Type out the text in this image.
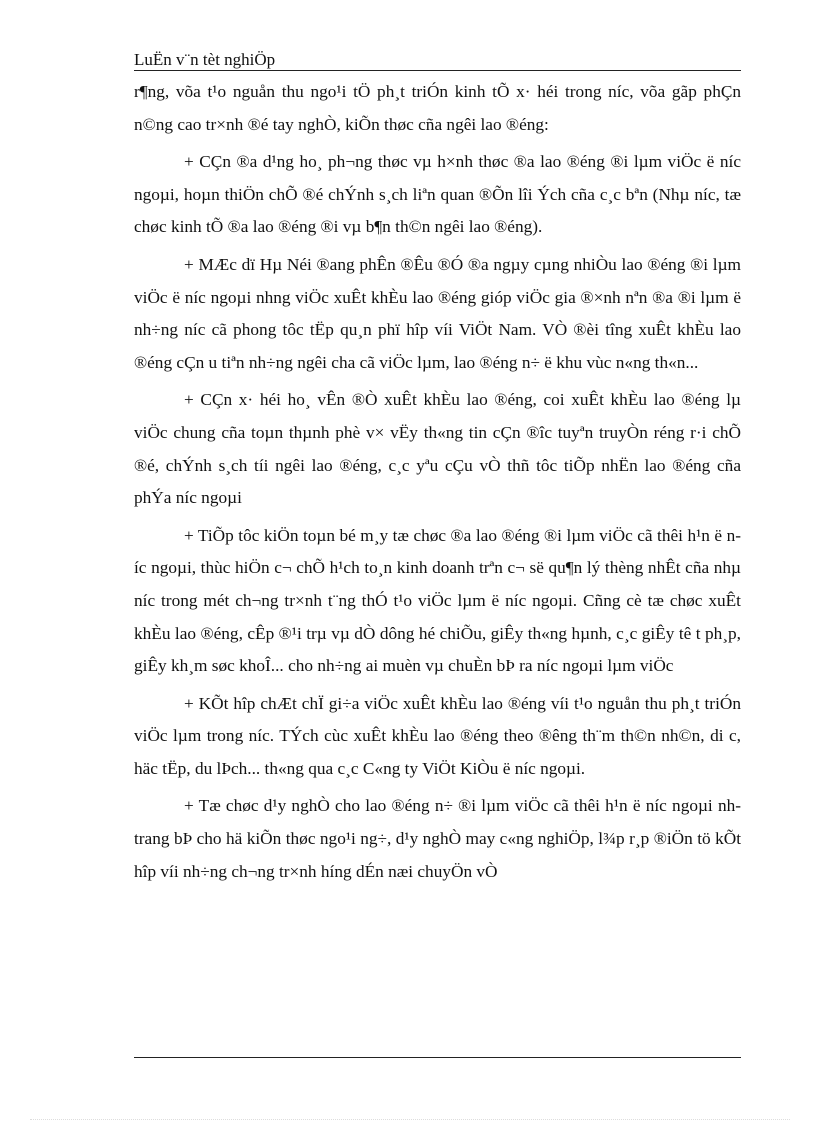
LuËn v¨n tèt nghiÖp

r¶ng, võa t¹o nguån thu ngo¹i tÖ ph¸t triÓn kinh tÕ x· héi trong níc, võa gãp phÇn n©ng cao tr×nh ®é tay nghÒ, kiÕn thøc cña ngêi lao ®éng:

+ CÇn ®a d¹ng ho¸ ph¬ng thøc vµ h×nh thøc ®a lao ®éng ®i lµm viÖc ë níc ngoµi, hoµn thiÖn chÕ ®é chÝnh s¸ch liªn quan ®Õn lîi Ých cña c¸c bªn (Nhµ níc, tæ chøc kinh tÕ ®a lao ®éng ®i vµ b¶n th©n ngêi lao ®éng).

+ MÆc dï Hµ Néi ®ang phÊn ®Êu ®Ó ®a ngµy cµng nhiÒu lao ®éng ®i lµm viÖc ë níc ngoµi nhng viÖc xuÊt khÈu lao ®éng gióp viÖc gia ®×nh nªn ®a ®i lµm ë nh÷ng níc cã phong tôc tËp qu¸n phï hîp víi ViÖt Nam. VÒ ®èi tîng xuÊt khÈu lao ®éng cÇn u tiªn nh÷ng ngêi cha cã viÖc lµm, lao ®éng n÷ ë khu vùc n«ng th«n...

+ CÇn x· héi ho¸ vÊn ®Ò xuÊt khÈu lao ®éng, coi xuÊt khÈu lao ®éng lµ viÖc chung cña toµn thµnh phè v× vËy th«ng tin cÇn ®îc tuyªn truyÒn réng r·i chÕ ®é, chÝnh s¸ch tíi ngêi lao ®éng, c¸c yªu cÇu vÒ thñ tôc tiÕp nhËn lao ®éng cña phÝa níc ngoµi

+ TiÕp tôc kiÖn toµn bé m¸y tæ chøc ®a lao ®éng ®i lµm viÖc cã thêi h¹n ë níc ngoµi, thùc hiÖn c¬ chÕ h¹ch to¸n kinh doanh trªn c¬ së qu¶n lý thèng nhÊt cña nhµ níc trong mét ch¬ng tr×nh t¨ng thÓ t¹o viÖc lµm ë níc ngoµi. Cñng cè tæ chøc xuÊt khÈu lao ®éng, cÊp ®¹i trµ vµ dÒ dông hé chiÕu, giÊy th«ng hµnh, c¸c giÊy tê t ph¸p, giÊy kh¸m søc khoÎ... cho nh÷ng ai muèn vµ chuÈn bÞ ra níc ngoµi lµm viÖc

+ KÕt hîp chÆt chÏ gi÷a viÖc xuÊt khÈu lao ®éng víi t¹o nguån thu ph¸t triÓn viÖc lµm trong níc. TÝch cùc xuÊt khÈu lao ®éng theo ®êng th¨m th©n nh©n, di c, häc tËp, du lÞch... th«ng qua c¸c C«ng ty ViÖt KiÒu ë níc ngoµi.

+ Tæ chøc d¹y nghÒ cho lao ®éng n÷ ®i lµm viÖc cã thêi h¹n ë níc ngoµi nh trang bÞ cho hä kiÕn thøc ngo¹i ng÷, d¹y nghÒ may c«ng nghiÖp, l¾p r¸p ®iÖn tö kÕt hîp víi nh÷ng ch¬ng tr×nh híng dÉn næi chuyÖn vÒ
